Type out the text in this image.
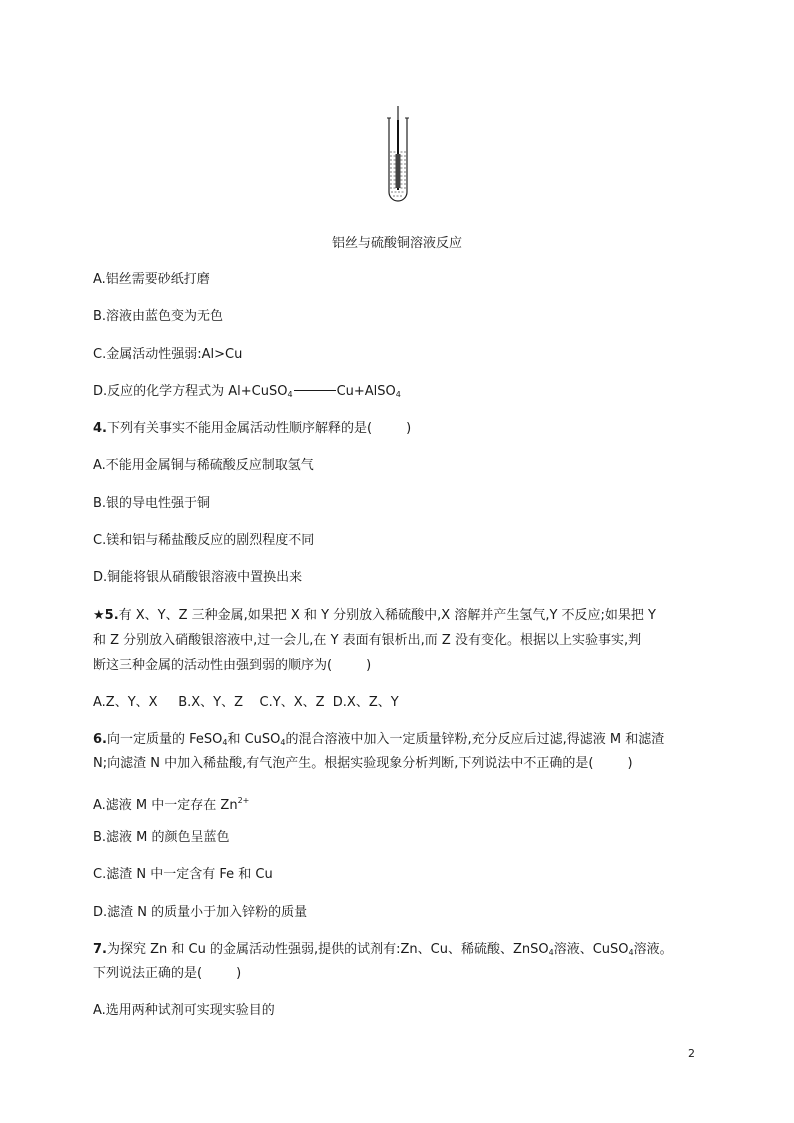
铝丝与硫酸铜溶液反应
A.铝丝需要砂纸打磨
B.溶液由蓝色变为无色
C.金属活动性强弱:Al>Cu
D.反应的化学方程式为 Al+CuSO$_4$	Cu+AlSO$_4$
4.下列有关事实不能用金属活动性顺序解释的是(	)
A.不能用金属铜与稀硫酸反应制取氢气
B.银的导电性强于铜
C.镁和铝与稀盐酸反应的剧烈程度不同
D.铜能将银从硝酸银溶液中置换出来
★5.有 X、Y、Z 三种金属,如果把 X 和 Y 分别放入稀硫酸中,X 溶解并产生氢气,Y 不反应;如果把 Y
和 Z 分别放入硝酸银溶液中,过一会儿,在 Y 表面有银析出,而 Z 没有变化。根据以上实验事实,判
断这三种金属的活动性由强到弱的顺序为(	)
A.Z、Y、X     B.X、Y、Z    C.Y、X、Z  D.X、Z、Y
6.向一定质量的 FeSO$_4$和 CuSO$_4$的混合溶液中加入一定质量锌粉,充分反应后过滤,得滤液 M 和滤渣
N;向滤渣 N 中加入稀盐酸,有气泡产生。根据实验现象分析判断,下列说法中不正确的是(	)
A.滤液 M 中一定存在 $Zn^{2+}$
B.滤液 M 的颜色呈蓝色
C.滤渣 N 中一定含有 Fe 和 Cu
D.滤渣 N 的质量小于加入锌粉的质量
7.为探究 Zn 和 Cu 的金属活动性强弱,提供的试剂有:Zn、Cu、稀硫酸、ZnSO$_4$溶液、CuSO$_4$溶液。
下列说法正确的是(	)
A.选用两种试剂可实现实验目的
2
